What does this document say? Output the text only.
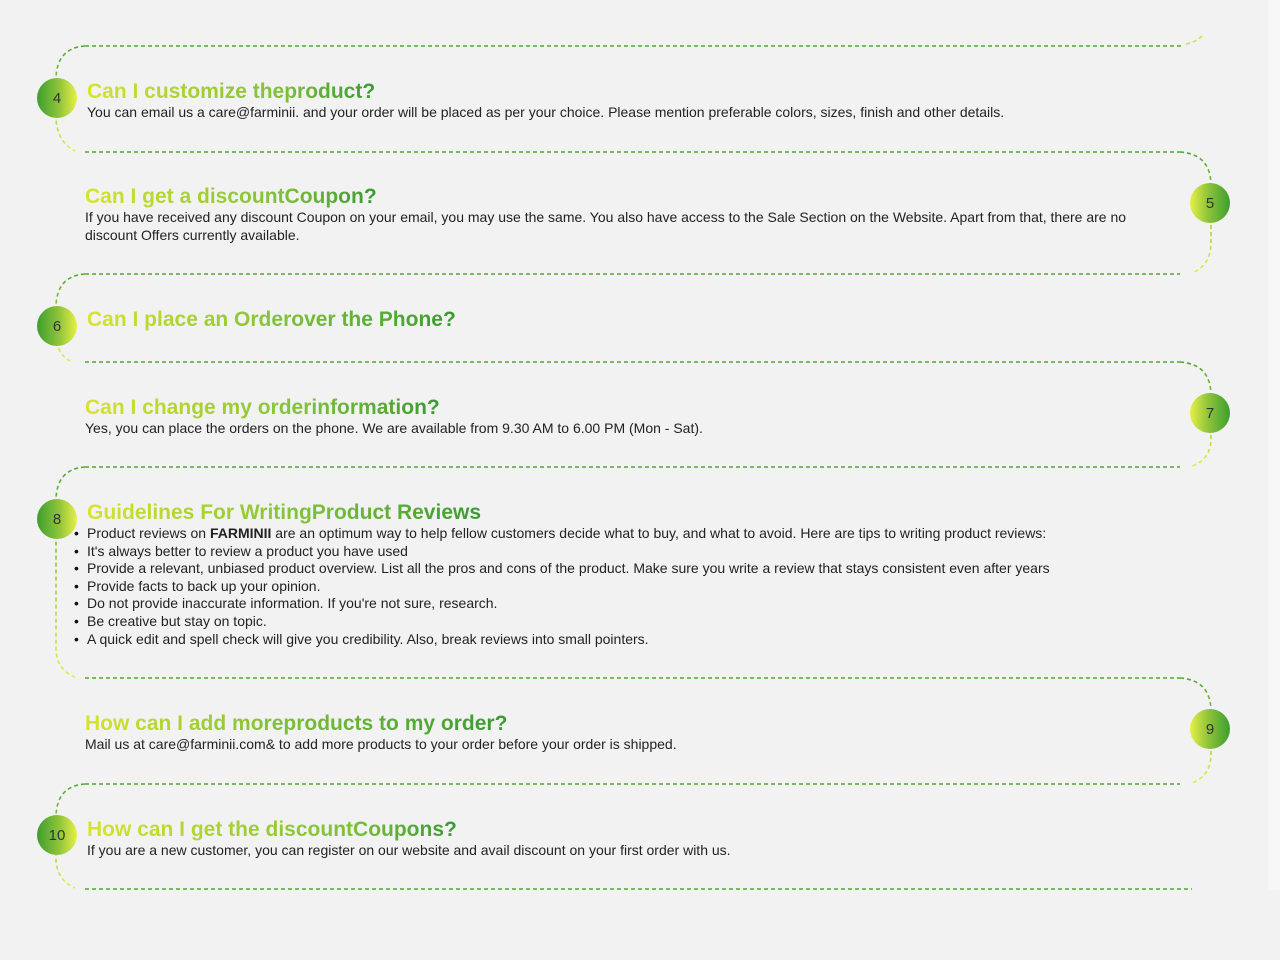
4	Can I customize the product?

You can email us a care@farminii. and your order will be placed as per your choice. Please mention preferable colors, sizes, finish and other details.

5
Can I get a discount Coupon?

If you have received any discount Coupon on your email, you may use the same. You also have access to the Sale Section on the Website. Apart from that, there are no discount Offers currently available.

6	Can I place an Order over the Phone?
7
Can I change my order information?

Yes, you can place the orders on the phone. We are available from 9.30 AM to 6.00 PM (Mon - Sat).

8	Guidelines For Writing Product Reviews
• Product reviews on FARMINII are an optimum way to help fellow customers decide what to buy, and what to avoid. Here are tips to writing product reviews:
• It's always better to review a product you have used
• Provide a relevant, unbiased product overview. List all the pros and cons of the product. Make sure you write a review that stays consistent even after years
• Provide facts to back up your opinion.
• Do not provide inaccurate information. If you're not sure, research.
• Be creative but stay on topic.
• A quick edit and spell check will give you credibility. Also, break reviews into small pointers.
9
How can I add more products to my order?

Mail us at care@farminii.com& to add more products to your order before your order is shipped.

10	How can I get the discount Coupons?

If you are a new customer, you can register on our website and avail discount on your first order with us.
